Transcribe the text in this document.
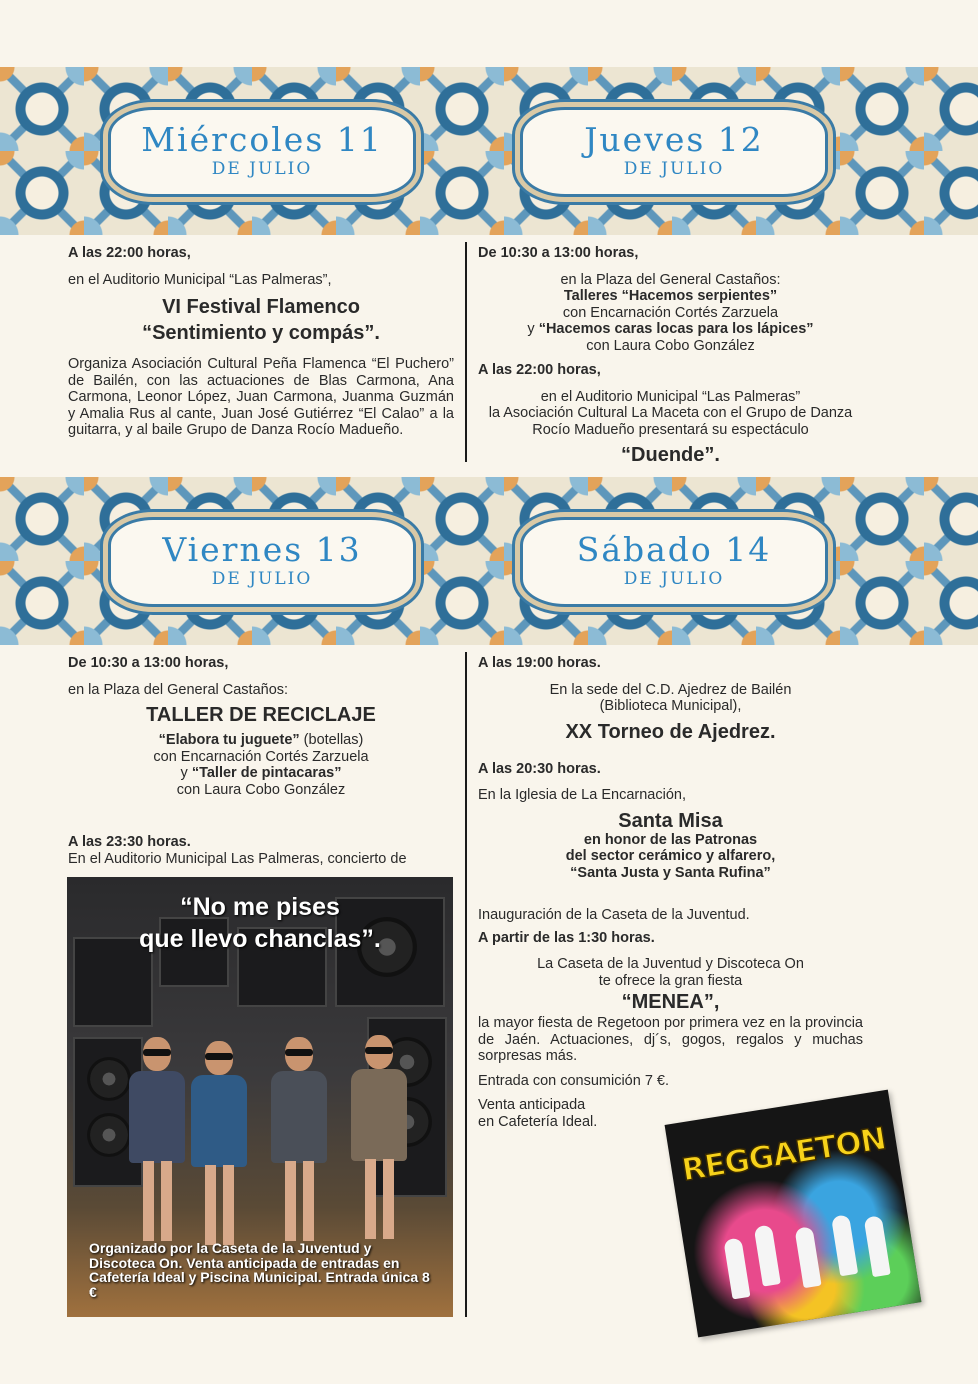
Miércoles 11
DE JULIO
Jueves 12
DE JULIO
A las 22:00 horas,
en el Auditorio Municipal “Las Palmeras”,
VI Festival Flamenco
“Sentimiento y compás”.
Organiza Asociación Cultural Peña Flamenca “El Puchero” de Bailén, con las actuaciones de Blas Carmona, Ana Carmona, Leonor López, Juan Carmona, Juanma Guzmán y Amalia Rus al cante, Juan José Gutiérrez “El Calao” a la guitarra, y al baile Grupo de Danza Rocío Madueño.
De 10:30 a 13:00 horas,
en la Plaza del General Castaños:
Talleres “Hacemos serpientes”
con Encarnación Cortés Zarzuela
y “Hacemos caras locas para los lápices”
con Laura Cobo González
A las 22:00 horas,
en el Auditorio Municipal “Las Palmeras”
la Asociación Cultural La Maceta con el Grupo de Danza Rocío Madueño presentará su espectáculo
“Duende”.
Viernes 13
DE JULIO
Sábado 14
DE JULIO
De 10:30 a 13:00 horas,
en la Plaza del General Castaños:
TALLER DE RECICLAJE
“Elabora tu juguete” (botellas)
con Encarnación Cortés Zarzuela
y “Taller de pintacaras”
con Laura Cobo González
A las 23:30 horas.
En el Auditorio Municipal Las Palmeras, concierto de
“No me pises
que llevo chanclas”.
Organizado por la Caseta de la Juventud y Discoteca On. Venta anticipada de entradas en Cafetería Ideal y Piscina Municipal. Entrada única 8 €
A las 19:00 horas.
En la sede del C.D. Ajedrez de Bailén
(Biblioteca Municipal),
XX Torneo de Ajedrez.
A las 20:30 horas.
En la Iglesia de La Encarnación,
Santa Misa
en honor de las Patronas
del sector cerámico y alfarero,
“Santa Justa y Santa Rufina”
Inauguración de la Caseta de la Juventud.
A partir de las 1:30 horas.
La Caseta de la Juventud y Discoteca On
te ofrece la gran fiesta
“MENEA”,
la mayor fiesta de Regetoon por primera vez en la provincia de Jaén. Actuaciones, dj´s, gogos, regalos y muchas sorpresas más.
Entrada con consumición 7 €.
Venta anticipada
en Cafetería Ideal.	REGGAETON
